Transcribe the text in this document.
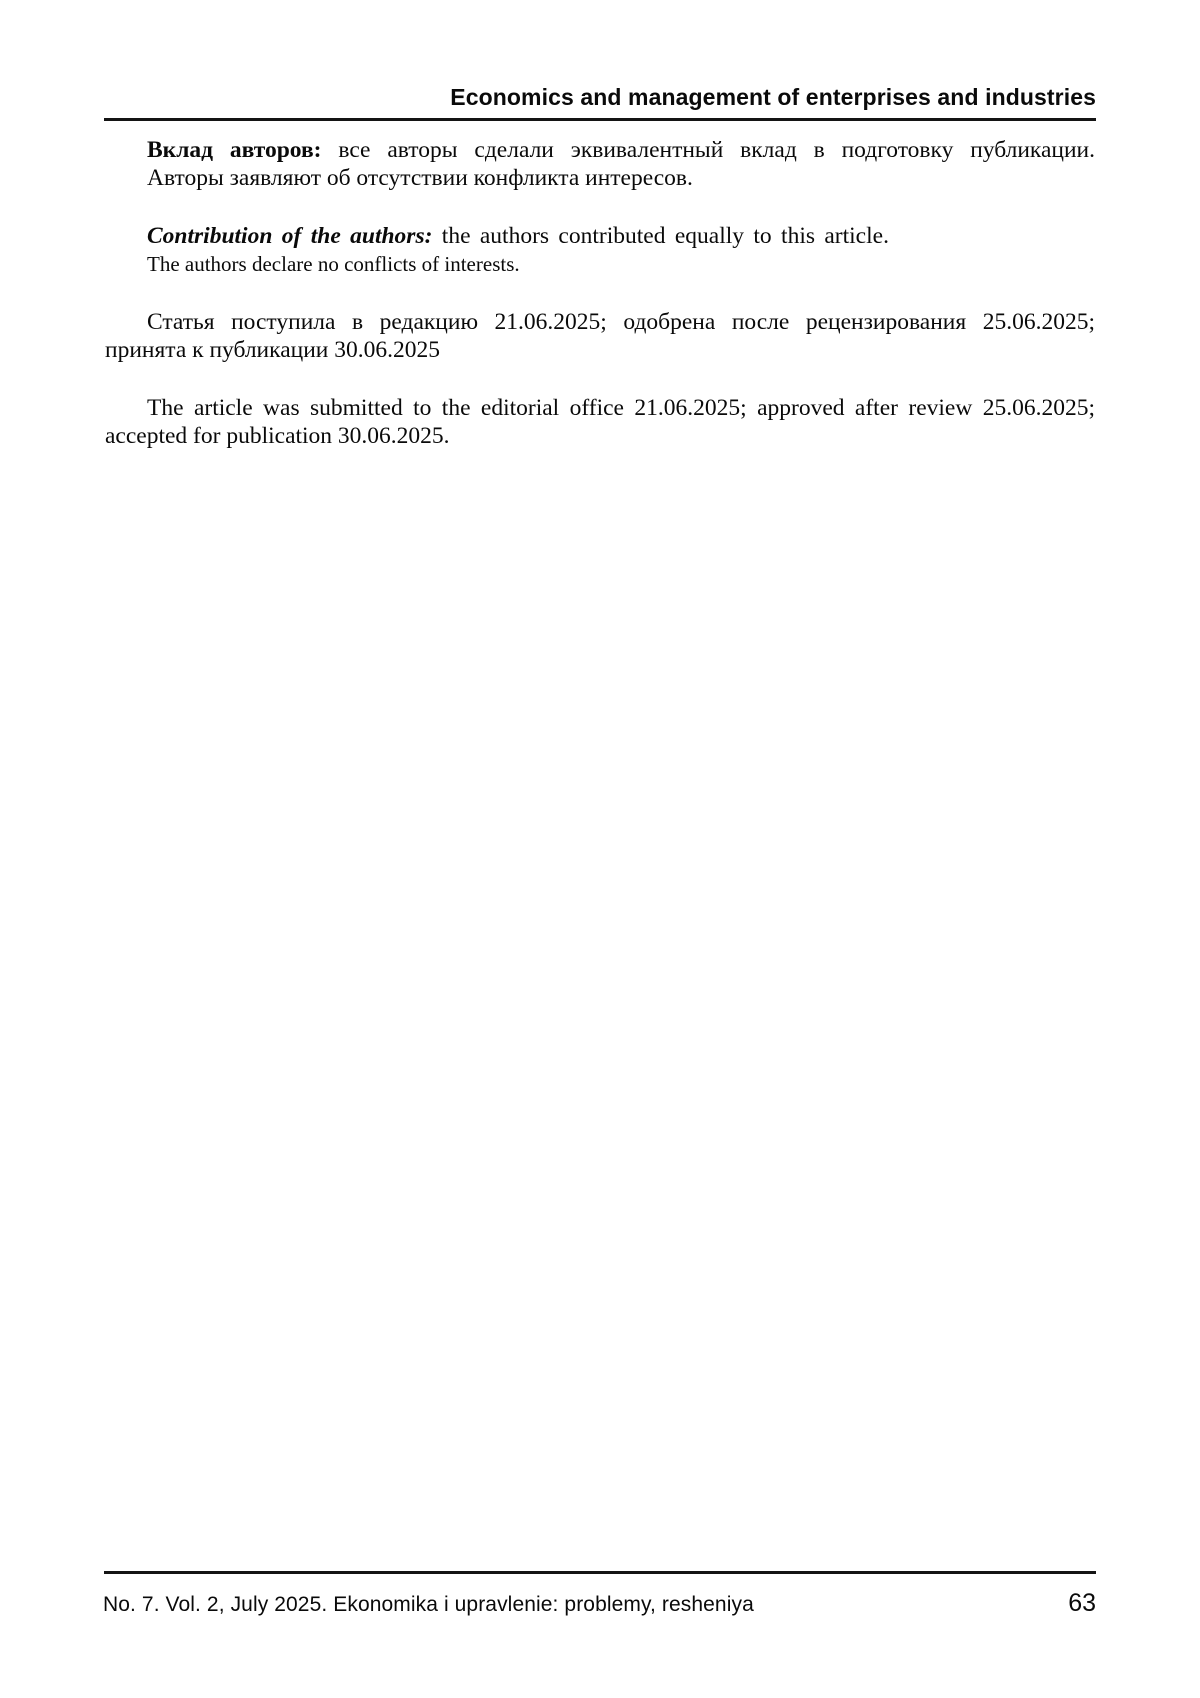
Economics and management of enterprises and industries
Вклад авторов: все авторы сделали эквивалентный вклад в подготовку публикации.
Авторы заявляют об отсутствии конфликта интересов.
Contribution of the authors: the authors contributed equally to this article.
The authors declare no conflicts of interests.
Статья поступила в редакцию 21.06.2025; одобрена после рецензирования 25.06.2025;
принята к публикации 30.06.2025
The article was submitted to the editorial office 21.06.2025; approved after review 25.06.2025;
accepted for publication 30.06.2025.
No. 7. Vol. 2, July 2025. Ekonomika i upravlenie: problemy, resheniya	63
